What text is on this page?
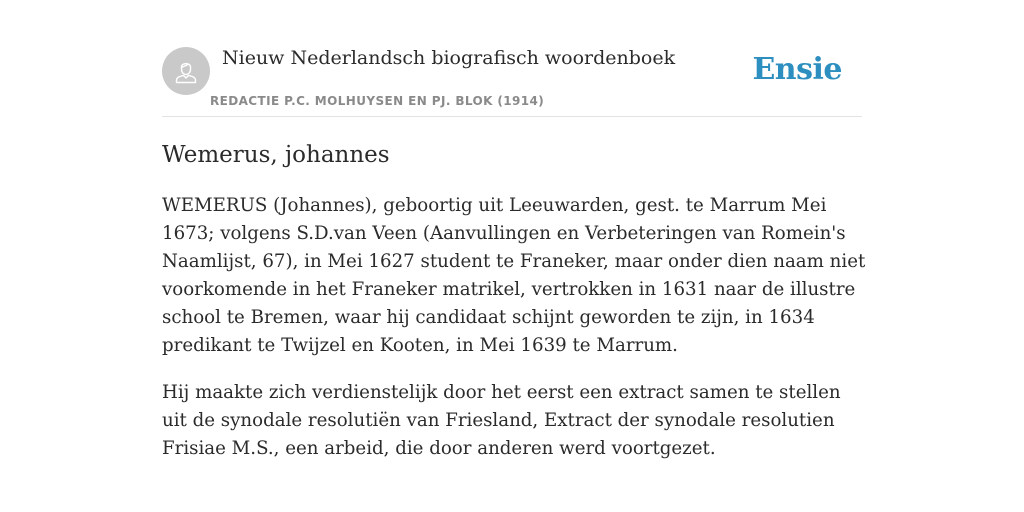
Nieuw Nederlandsch biografisch woordenboek
REDACTIE P.C. MOLHUYSEN EN PJ. BLOK (1914)
Ensie
Wemerus, johannes

WEMERUS (Johannes), geboortig uit Leeuwarden, gest. te Marrum Mei 1673; volgens S.D.van Veen (Aanvullingen en Verbeteringen van Romein's Naamlijst, 67), in Mei 1627 student te Franeker, maar onder dien naam niet voorkomende in het Franeker matrikel, vertrokken in 1631 naar de illustre school te Bremen, waar hij candidaat schijnt geworden te zijn, in 1634 predikant te Twijzel en Kooten, in Mei 1639 te Marrum.

Hij maakte zich verdienstelijk door het eerst een extract samen te stellen uit de synodale resolutiën van Friesland, Extract der synodale resolutien Frisiae M.S., een arbeid, die door anderen werd voortgezet.
